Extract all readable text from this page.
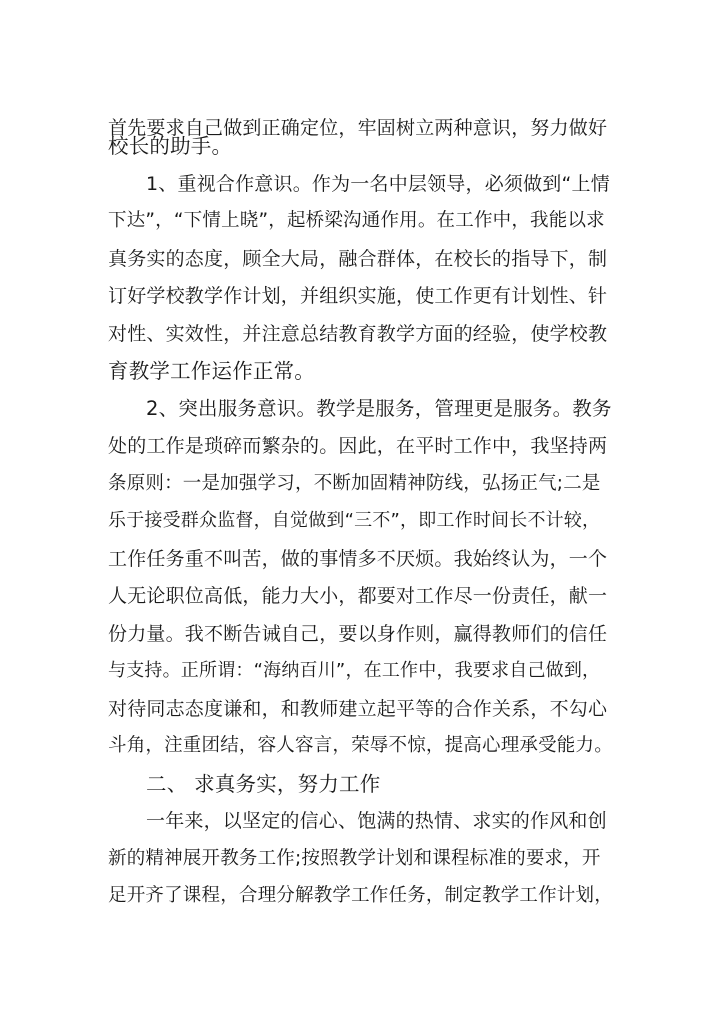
首先要求自己做到正确定位，牢固树立两种意识，努力做好
校长的助手。
1、重视合作意识。作为一名中层领导，必须做到“上情
下达”，“下情上晓”，起桥梁沟通作用。在工作中，我能以求
真务实的态度，顾全大局，融合群体，在校长的指导下，制
订好学校教学作计划，并组织实施，使工作更有计划性、针
对性、实效性，并注意总结教育教学方面的经验，使学校教
育教学工作运作正常。
2、突出服务意识。教学是服务，管理更是服务。教务
处的工作是琐碎而繁杂的。因此，在平时工作中，我坚持两
条原则：一是加强学习，不断加固精神防线，弘扬正气;二是
乐于接受群众监督，自觉做到“三不”，即工作时间长不计较，
工作任务重不叫苦，做的事情多不厌烦。我始终认为，一个
人无论职位高低，能力大小，都要对工作尽一份责任，献一
份力量。我不断告诫自己，要以身作则，赢得教师们的信任
与支持。正所谓：“海纳百川”，在工作中，我要求自己做到，
对待同志态度谦和，和教师建立起平等的合作关系，不勾心
斗角，注重团结，容人容言，荣辱不惊，提高心理承受能力。
二、 求真务实，努力工作
一年来，以坚定的信心、饱满的热情、求实的作风和创
新的精神展开教务工作;按照教学计划和课程标准的要求，开
足开齐了课程，合理分解教学工作任务，制定教学工作计划，
